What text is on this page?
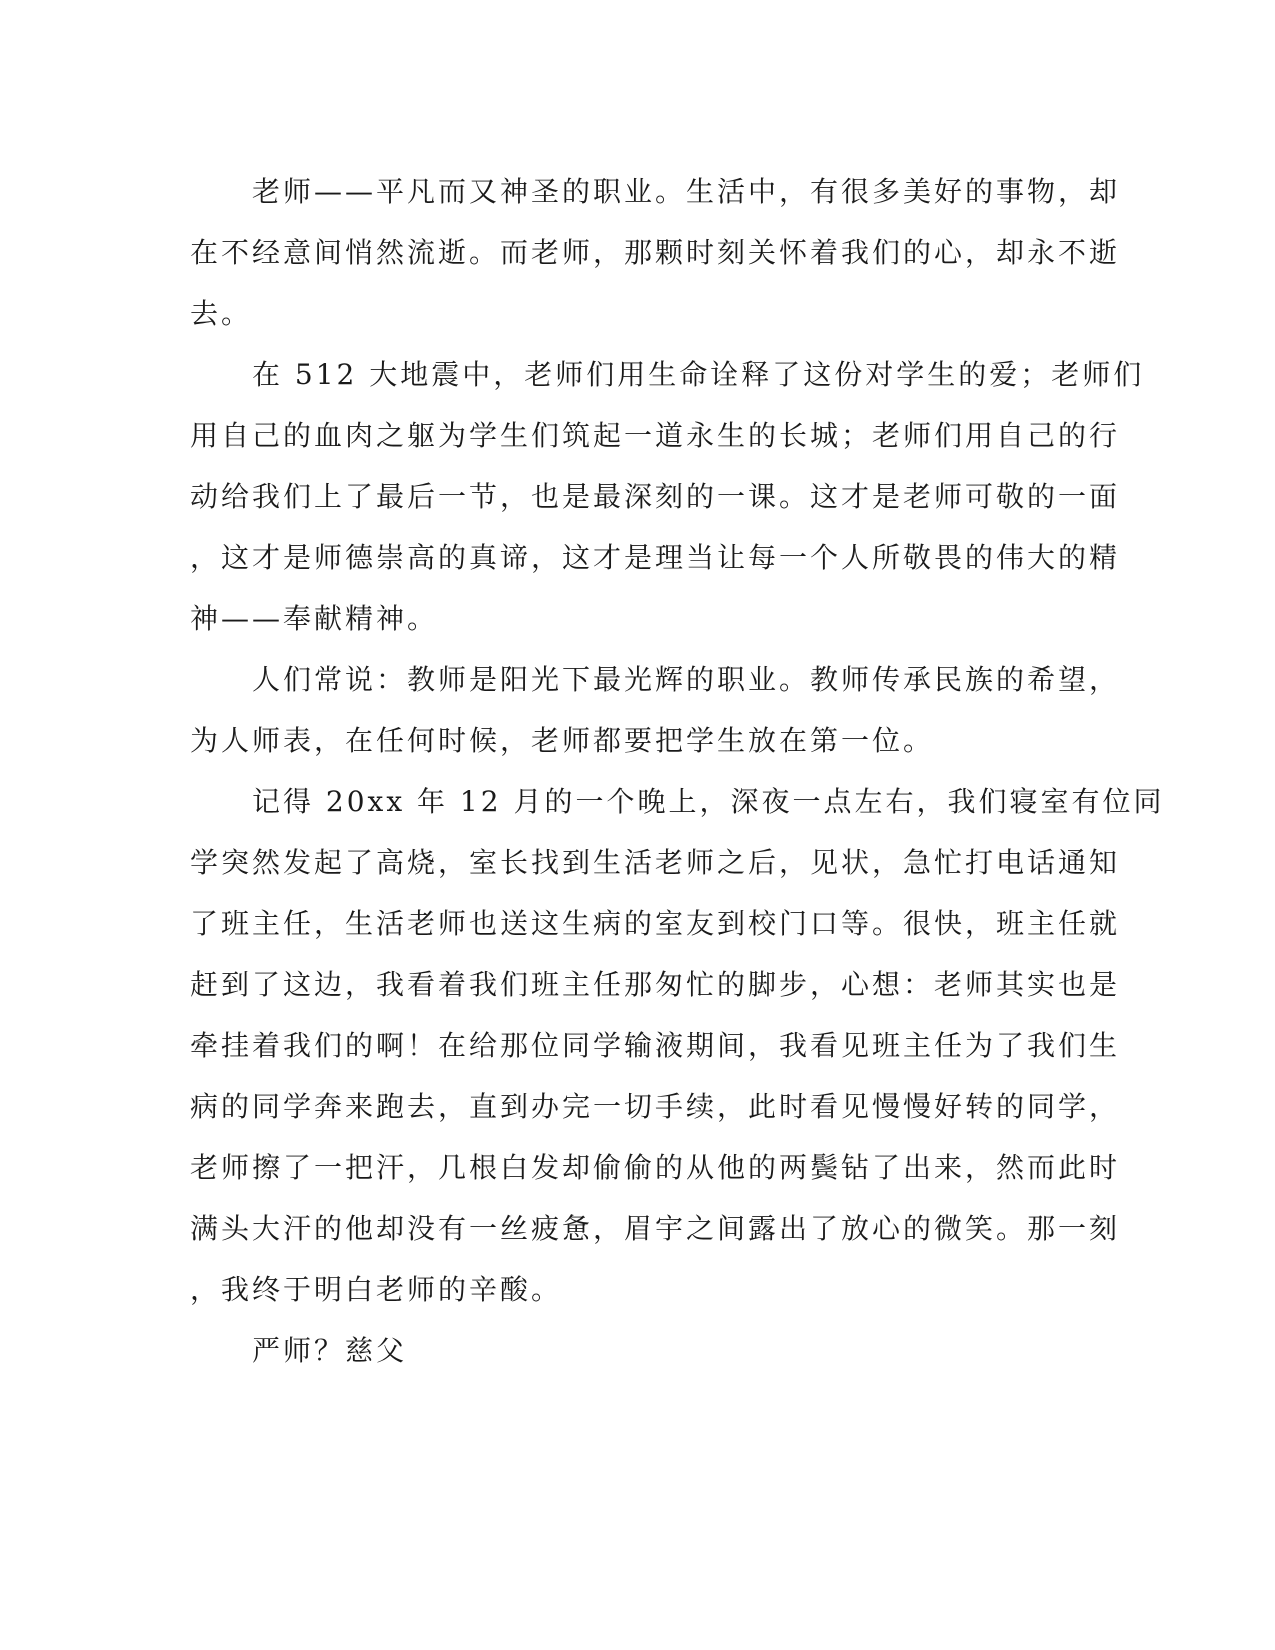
　　老师——平凡而又神圣的职业。生活中，有很多美好的事物，却
在不经意间悄然流逝。而老师，那颗时刻关怀着我们的心，却永不逝
去。

　　在 512 大地震中，老师们用生命诠释了这份对学生的爱；老师们
用自己的血肉之躯为学生们筑起一道永生的长城；老师们用自己的行
动给我们上了最后一节，也是最深刻的一课。这才是老师可敬的一面
，这才是师德崇高的真谛，这才是理当让每一个人所敬畏的伟大的精
神——奉献精神。

　　人们常说：教师是阳光下最光辉的职业。教师传承民族的希望，
为人师表，在任何时候，老师都要把学生放在第一位。

　　记得 20xx 年 12 月的一个晚上，深夜一点左右，我们寝室有位同
学突然发起了高烧，室长找到生活老师之后，见状，急忙打电话通知
了班主任，生活老师也送这生病的室友到校门口等。很快，班主任就
赶到了这边，我看着我们班主任那匆忙的脚步，心想：老师其实也是
牵挂着我们的啊！在给那位同学输液期间，我看见班主任为了我们生
病的同学奔来跑去，直到办完一切手续，此时看见慢慢好转的同学，
老师擦了一把汗，几根白发却偷偷的从他的两鬓钻了出来，然而此时
满头大汗的他却没有一丝疲惫，眉宇之间露出了放心的微笑。那一刻
，我终于明白老师的辛酸。

　　严师？慈父
